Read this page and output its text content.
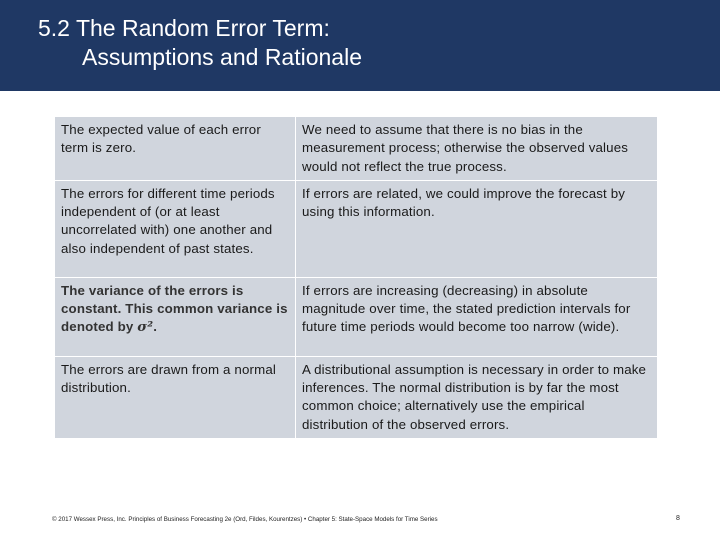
5.2 The Random Error Term:
Assumptions and Rationale
The expected value of each error term is zero.	We need to assume that there is no bias in the measurement process; otherwise the observed values would not reflect the true process.
The errors for different time periods independent of (or at least uncorrelated with) one another and also independent of past states.	If errors are related, we could improve the forecast by using this information.
The variance of the errors is constant. This common variance is denoted by σ².	If errors are increasing (decreasing) in absolute magnitude over time, the stated prediction intervals for future time periods would become too narrow (wide).
The errors are drawn from a normal distribution.	A distributional assumption is necessary in order to make inferences. The normal distribution is by far the most common choice; alternatively use the empirical distribution of the observed errors.
© 2017 Wessex Press, Inc. Principles of Business Forecasting 2e (Ord, Fildes, Kourentzes) • Chapter 5: State-Space Models for Time Series	8
